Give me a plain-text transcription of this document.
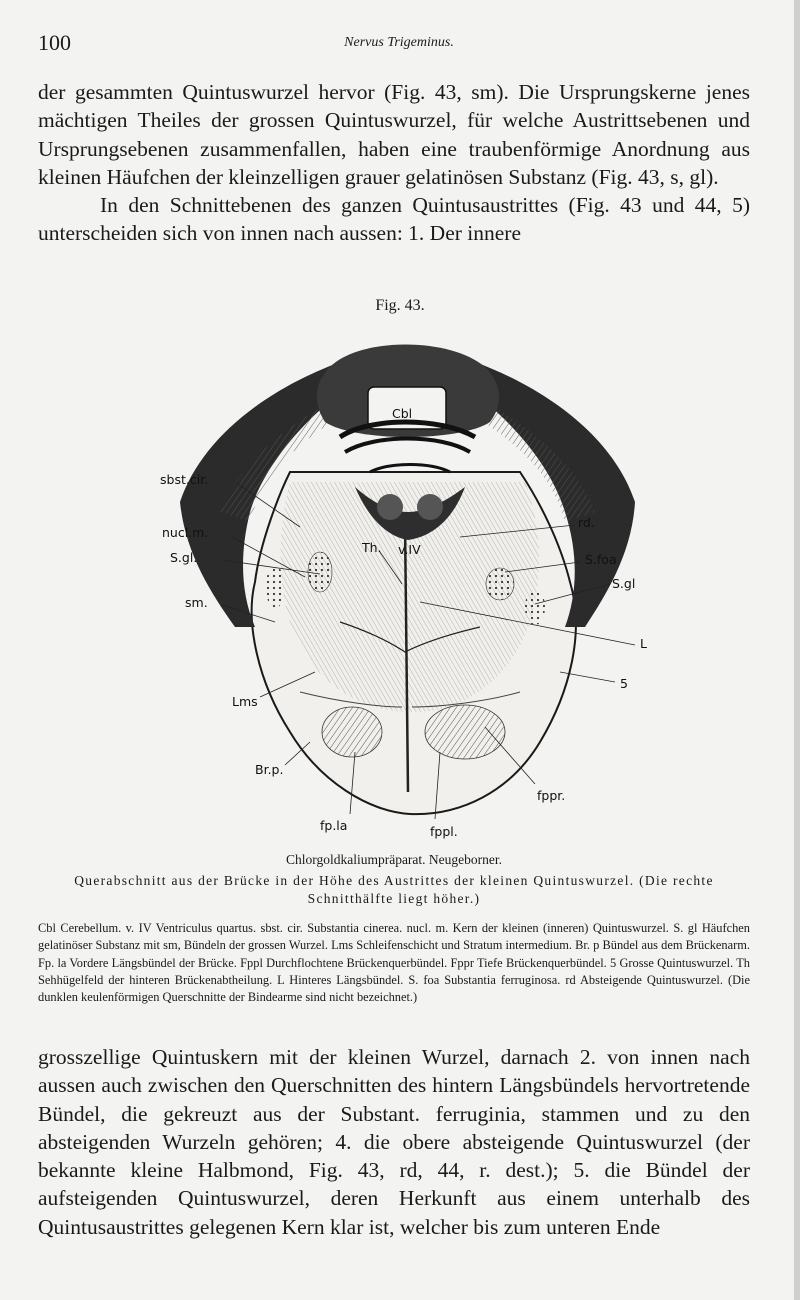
100	Nervus Trigeminus.

der gesammten Quintuswurzel hervor (Fig. 43, sm). Die Ursprungskerne jenes mächtigen Theiles der grossen Quintuswurzel, für welche Austrittsebenen und Ursprungsebenen zusammenfallen, haben eine traubenförmige Anordnung aus kleinen Häufchen der kleinzelligen grauer gelatinösen Substanz (Fig. 43, s, gl).

In den Schnittebenen des ganzen Quintusaustrittes (Fig. 43 und 44, 5) unterscheiden sich von innen nach aussen: 1. Der innere

Fig. 43.
Cbl
sbst.cir.
nucl.m.
S.gl.
sm.
Th. v.IV
rd.
S.foa
S.gl
L
5
Lms
Br.p.
fp.la	fppl.
fppr.
Chlorgoldkaliumpräparat. Neugeborner.
Querabschnitt aus der Brücke in der Höhe des Austrittes der kleinen Quintuswurzel. (Die rechte Schnitthälfte liegt höher.)
Cbl Cerebellum. v. IV Ventriculus quartus. sbst. cir. Substantia cinerea. nucl. m. Kern der kleinen (inneren) Quintuswurzel. S. gl Häufchen gelatinöser Substanz mit sm, Bündeln der grossen Wurzel. Lms Schleifenschicht und Stratum intermedium. Br. p Bündel aus dem Brückenarm. Fp. la Vordere Längsbündel der Brücke. Fppl Durchflochtene Brückenquerbündel. Fppr Tiefe Brückenquerbündel. 5 Grosse Quintuswurzel. Th Sehhügelfeld der hinteren Brückenabtheilung. L Hinteres Längsbündel. S. foa Substantia ferruginosa. rd Absteigende Quintuswurzel. (Die dunklen keulenförmigen Querschnitte der Bindearme sind nicht bezeichnet.)

grosszellige Quintuskern mit der kleinen Wurzel, darnach 2. von innen nach aussen auch zwischen den Querschnitten des hintern Längsbündels hervortretende Bündel, die gekreuzt aus der Substant. ferruginia, stammen und zu den absteigenden Wurzeln gehören; 4. die obere absteigende Quintuswurzel (der bekannte kleine Halbmond, Fig. 43, rd, 44, r. dest.); 5. die Bündel der aufsteigenden Quintuswurzel, deren Herkunft aus einem unterhalb des Quintusaustrittes gelegenen Kern klar ist, welcher bis zum unteren Ende
